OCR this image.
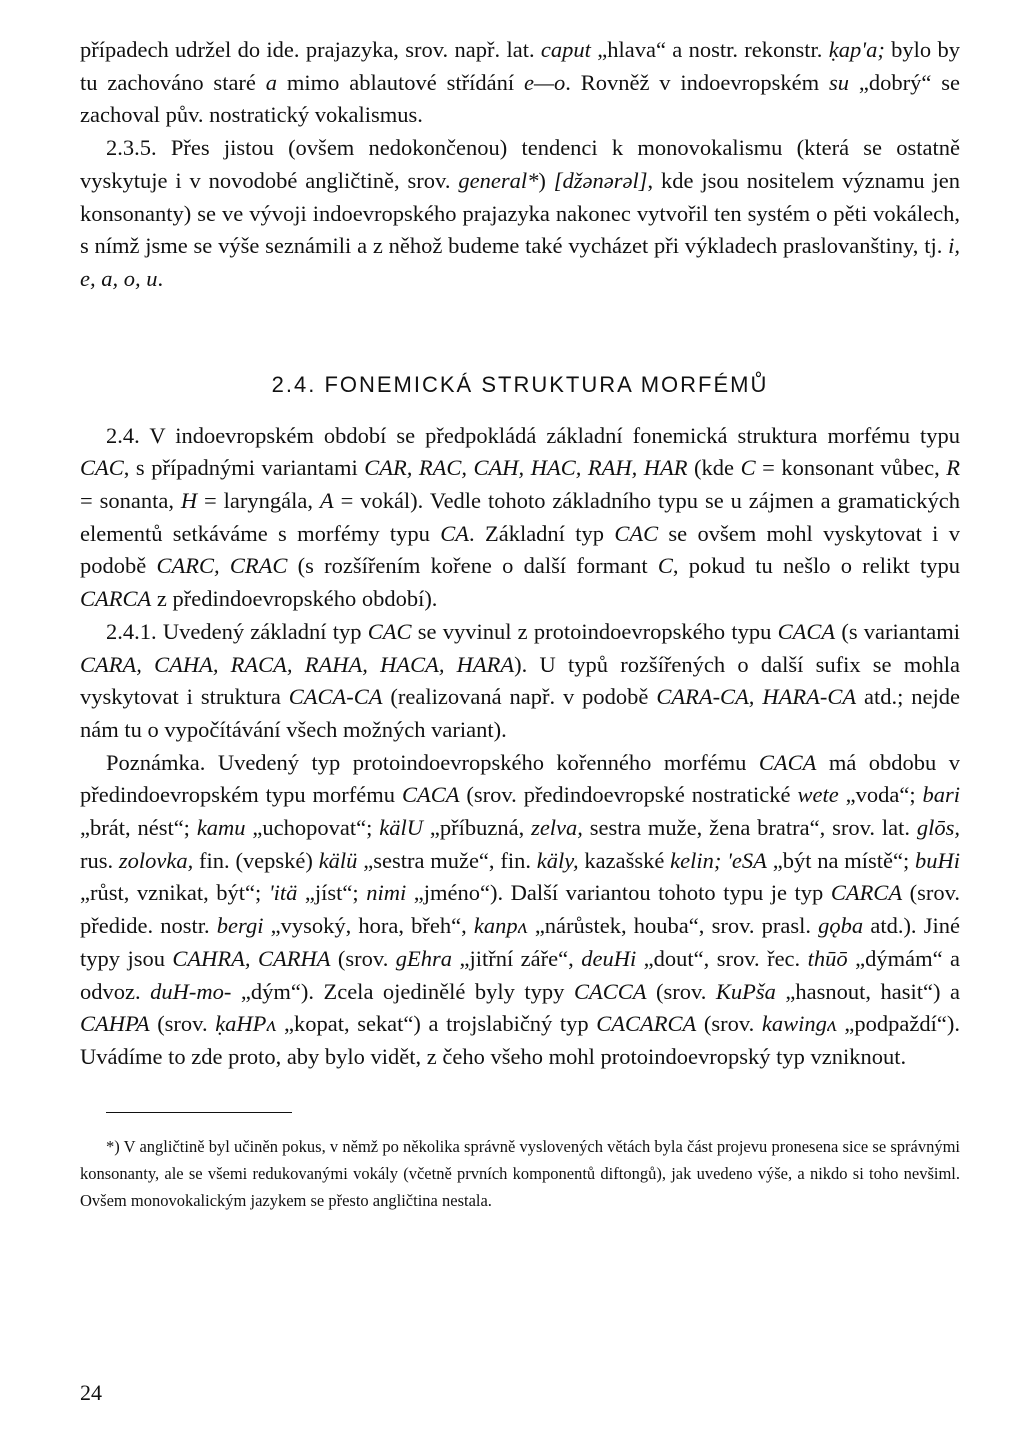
případech udržel do ide. prajazyka, srov. např. lat. caput „hlava“ a nostr. rekonstr. ḳap'a; bylo by tu zachováno staré a mimo ablautové střídání e—o. Rovněž v indoevropském su „dobrý“ se zachoval pův. nostratický vokalismus.

2.3.5. Přes jistou (ovšem nedokončenou) tendenci k monovokalismu (která se ostatně vyskytuje i v novodobé angličtině, srov. general*) [džənərəl], kde jsou nositelem významu jen konsonanty) se ve vývoji indoevropského prajazyka nakonec vytvořil ten systém o pěti vokálech, s nímž jsme se výše seznámili a z něhož budeme také vycházet při výkladech praslovanštiny, tj. i, e, a, o, u.

2.4. FONEMICKÁ STRUKTURA MORFÉMŮ

2.4. V indoevropském období se předpokládá základní fonemická struktura morfému typu CAC, s případnými variantami CAR, RAC, CAH, HAC, RAH, HAR (kde C = konsonant vůbec, R = sonanta, H = laryngála, A = vokál). Vedle tohoto základního typu se u zájmen a gramatických elementů setkáváme s morfémy typu CA. Základní typ CAC se ovšem mohl vyskytovat i v podobě CARC, CRAC (s rozšířením kořene o další formant C, pokud tu nešlo o relikt typu CARCA z předindoevropského období).

2.4.1. Uvedený základní typ CAC se vyvinul z protoindoevropského typu CACA (s variantami CARA, CAHA, RACA, RAHA, HACA, HARA). U typů rozšířených o další sufix se mohla vyskytovat i struktura CACA-CA (realizovaná např. v podobě CARA-CA, HARA-CA atd.; nejde nám tu o vypočítávání všech možných variant).

Poznámka. Uvedený typ protoindoevropského kořenného morfému CACA má obdobu v předindoevropském typu morfému CACA (srov. předindoevropské nostratické wete „voda“; bari „brát, nést“; kamu „uchopovat“; kälU „příbuzná, zelva, sestra muže, žena bratra“, srov. lat. glōs, rus. zolovka, fin. (vepské) kälü „sestra muže“, fin. käly, kazašské kelin; 'eSA „být na místě“; buHi „růst, vznikat, být“; 'itä „jíst“; nimi „jméno“). Další variantou tohoto typu je typ CARCA (srov. předide. nostr. bergi „vysoký, hora, břeh“, kanpʌ „nárůstek, houba“, srov. prasl. gǫba atd.). Jiné typy jsou CAHRA, CARHA (srov. gEhra „jitřní záře“, deuHi „dout“, srov. řec. thūō „dýmám“ a odvoz. duH-mo- „dým“). Zcela ojedinělé byly typy CACCA (srov. KuPša „hasnout, hasit“) a CAHPA (srov. ḳaHPʌ „kopat, sekat“) a trojslabičný typ CACARCA (srov. kawingʌ „podpaždí“). Uvádíme to zde proto, aby bylo vidět, z čeho všeho mohl protoindoevropský typ vzniknout.

*) V angličtině byl učiněn pokus, v němž po několika správně vyslovených větách byla část projevu pronesena sice se správnými konsonanty, ale se všemi redukovanými vokály (včetně prvních komponentů diftongů), jak uvedeno výše, a nikdo si toho nevšiml. Ovšem monovokalickým jazykem se přesto angličtina nestala.

24
